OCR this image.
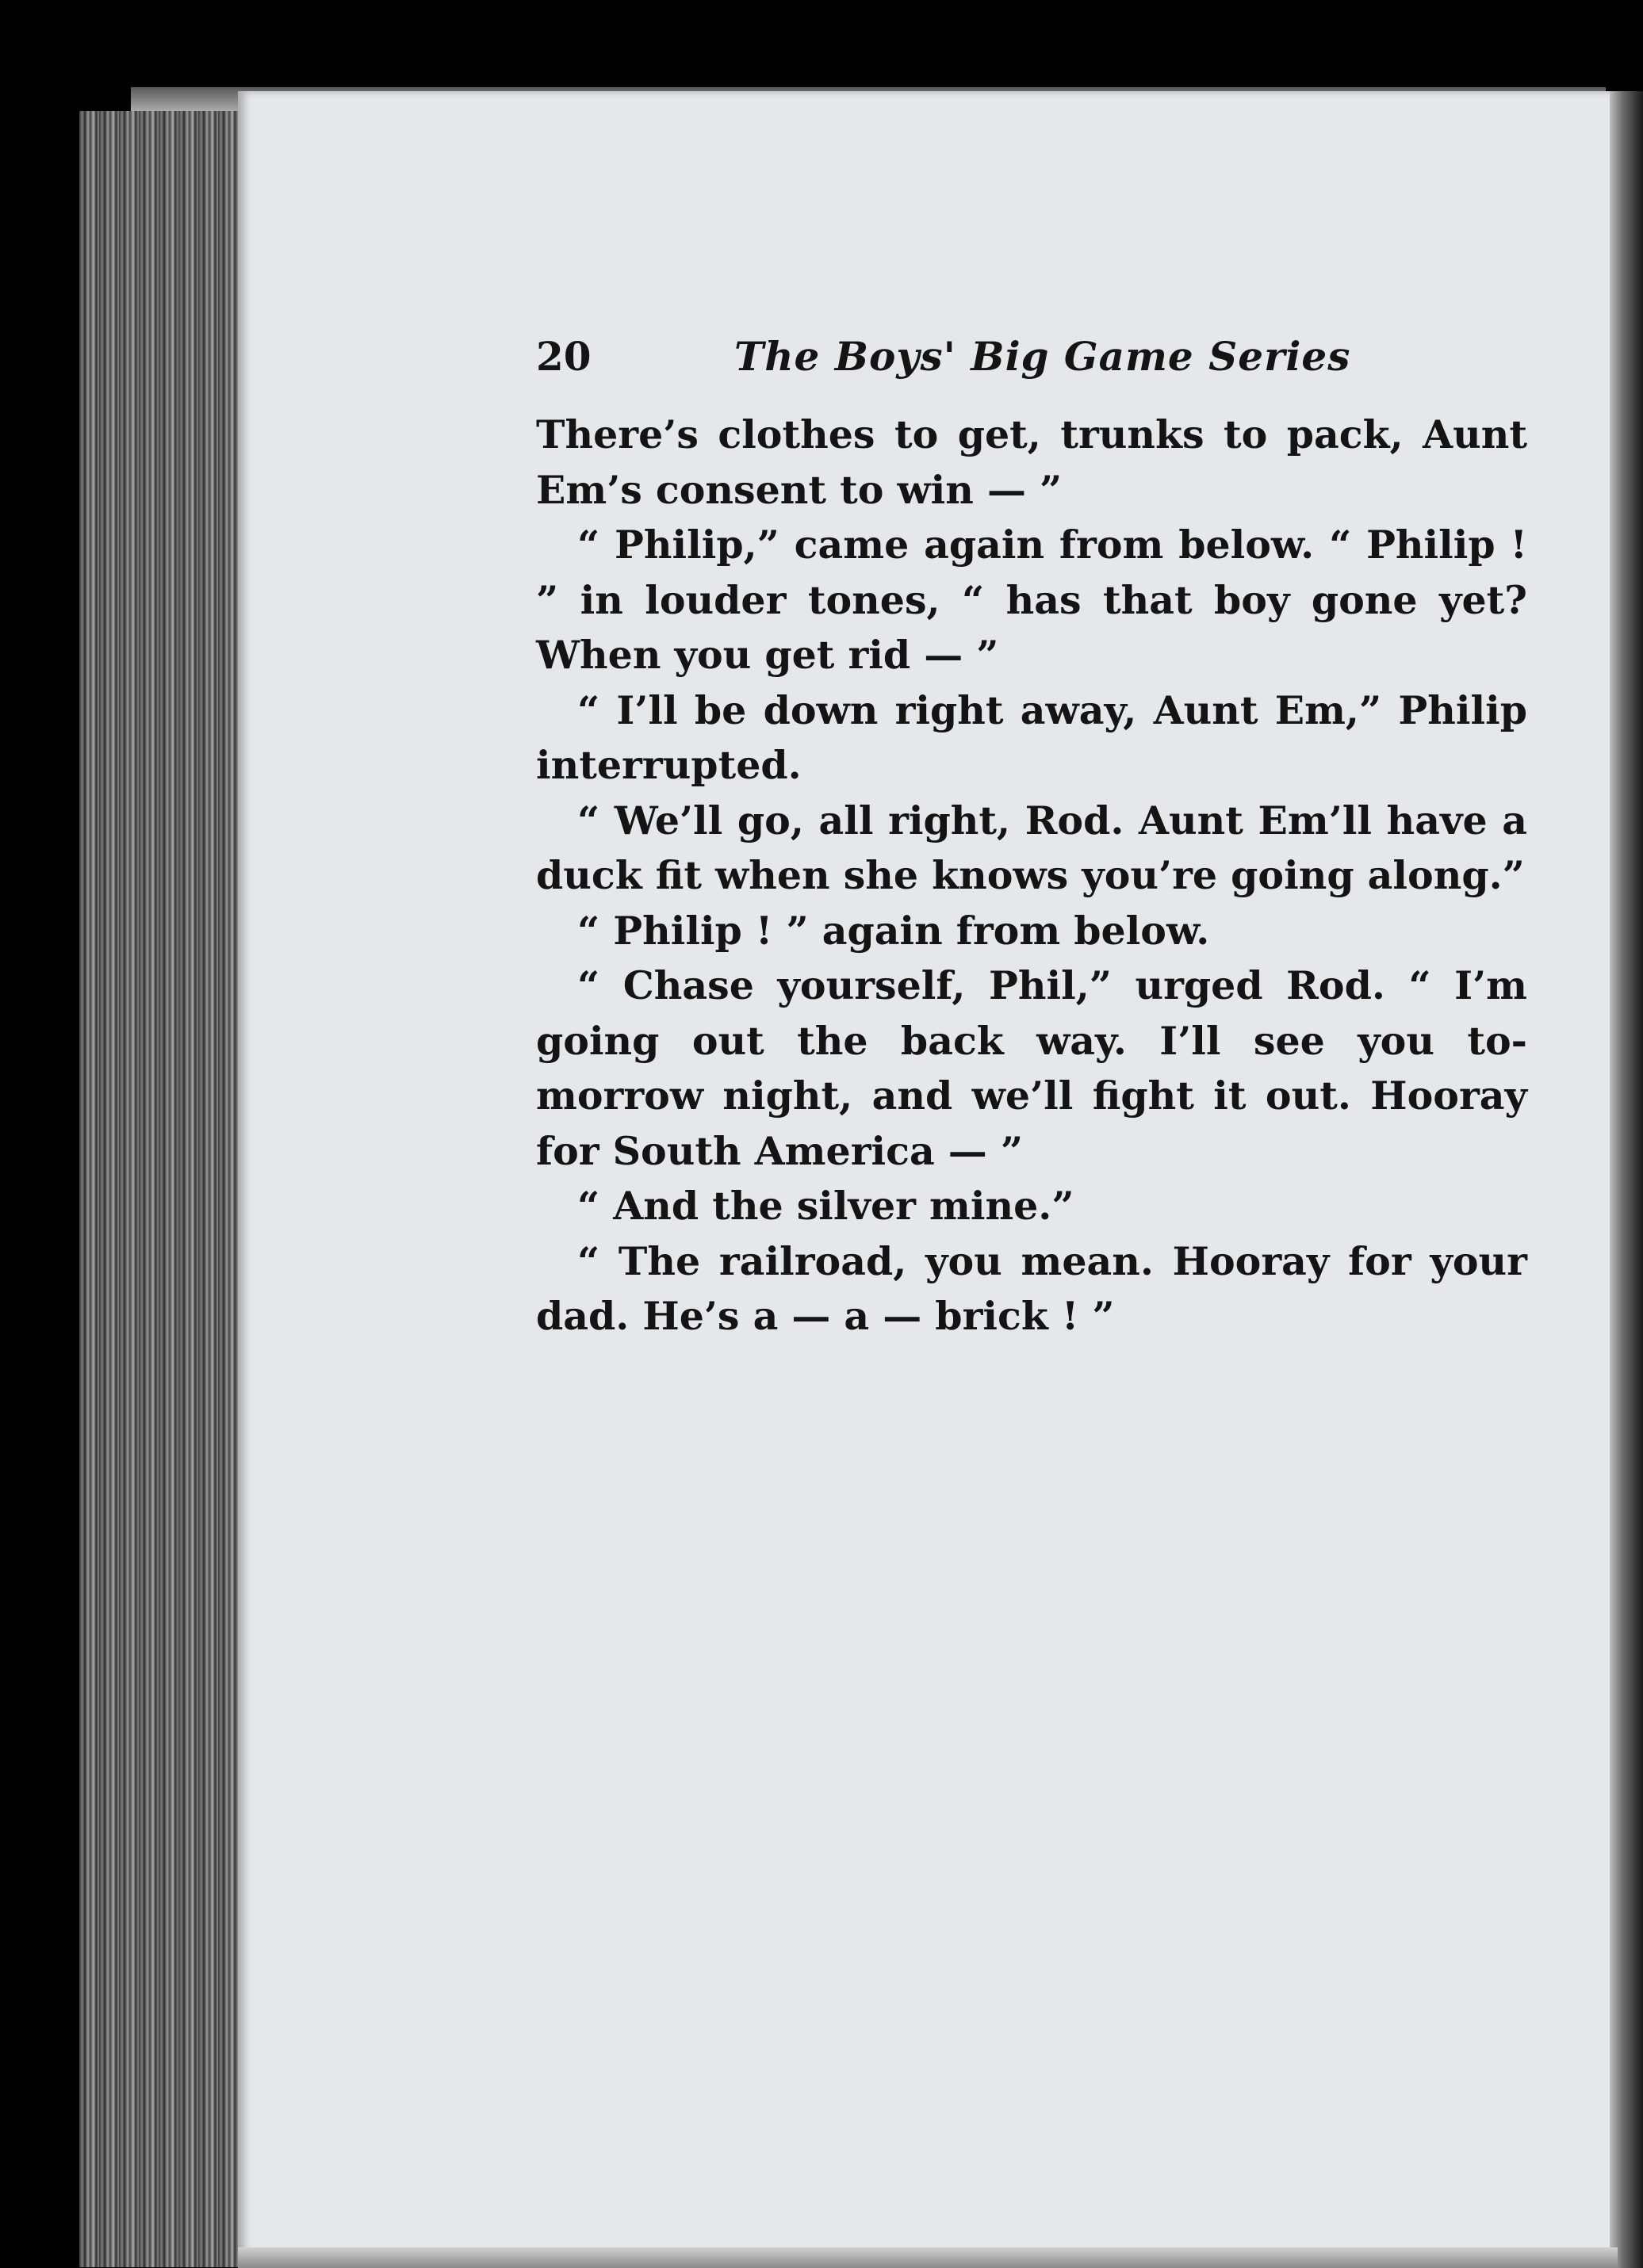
20	The Boys' Big Game Series

There’s clothes to get, trunks to pack, Aunt Em’s consent to win — ”

“ Philip,” came again from below. “ Philip ! ” in louder tones, “ has that boy gone yet? When you get rid — ”

“ I’ll be down right away, Aunt Em,” Philip interrupted.

“ We’ll go, all right, Rod. Aunt Em’ll have a duck fit when she knows you’re going along.”

“ Philip ! ” again from below.

“ Chase yourself, Phil,” urged Rod. “ I’m going out the back way. I’ll see you to-morrow night, and we’ll fight it out. Hooray for South America — ”

“ And the silver mine.”

“ The railroad, you mean. Hooray for your dad. He’s a — a — brick ! ”
